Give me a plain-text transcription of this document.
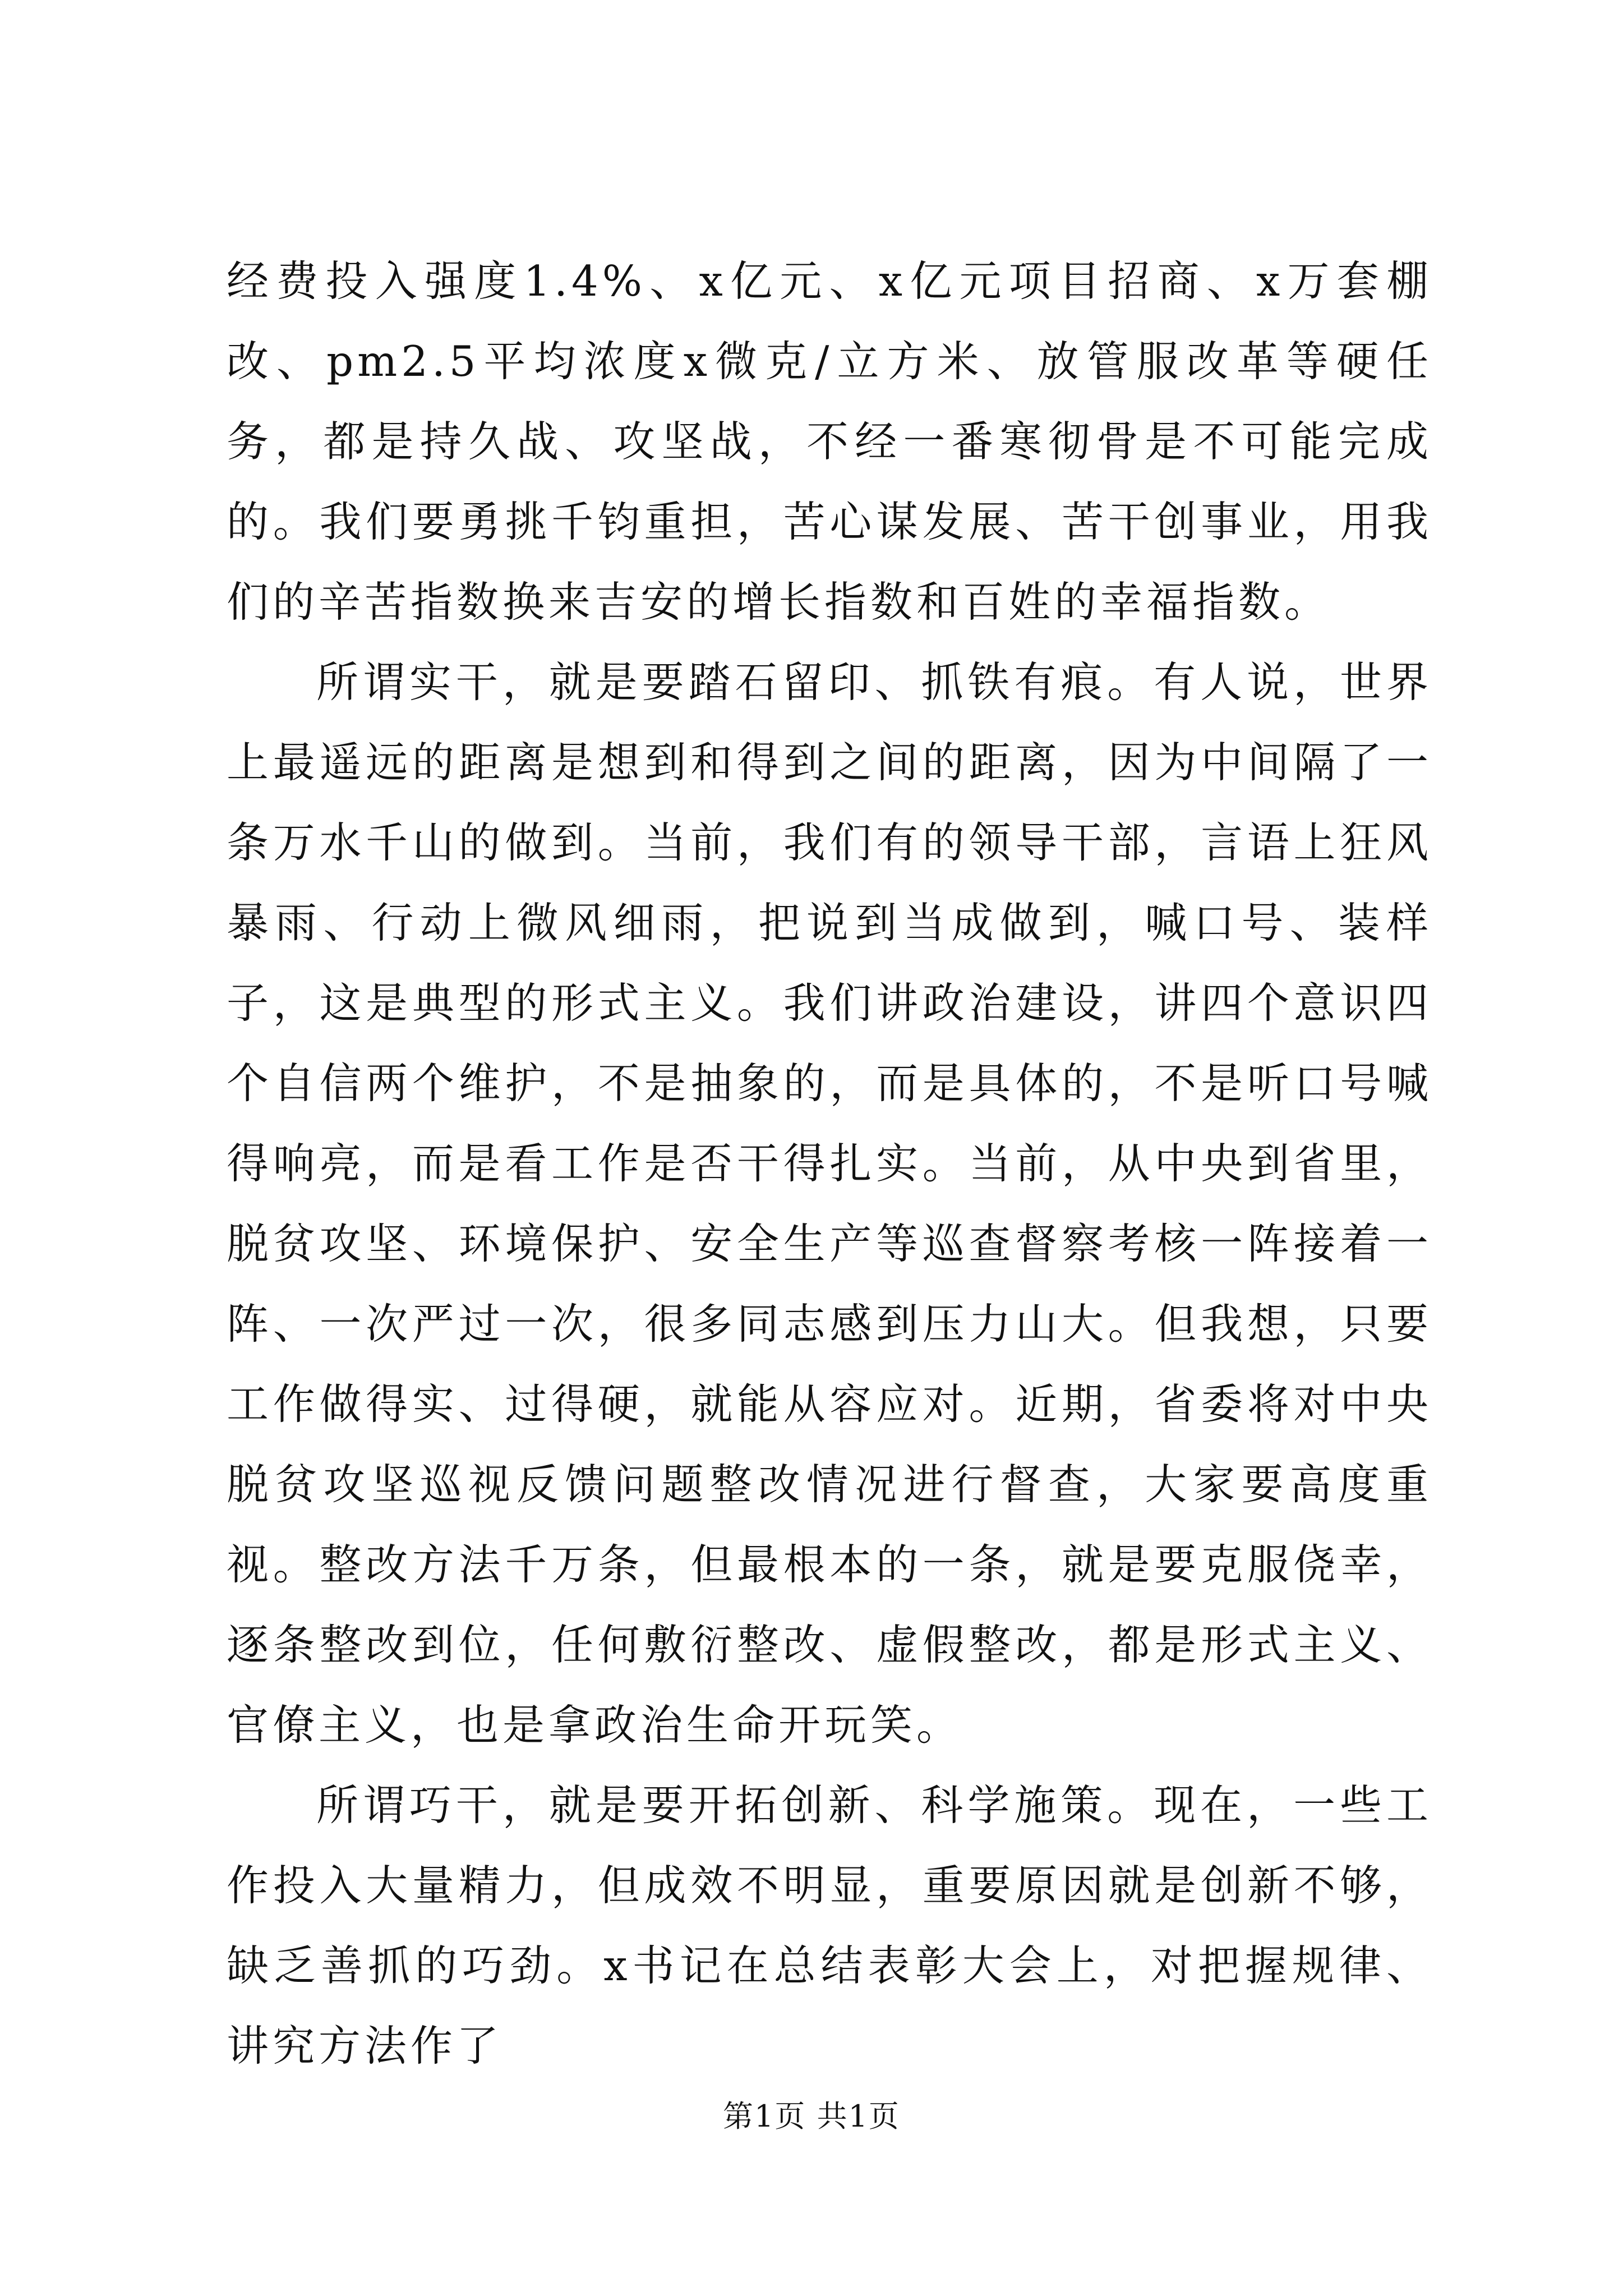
经费投入强度1.4%、x亿元、x亿元项目招商、x万套棚改、pm2.5平均浓度x微克/立方米、放管服改革等硬任务，都是持久战、攻坚战，不经一番寒彻骨是不可能完成的。我们要勇挑千钧重担，苦心谋发展、苦干创事业，用我们的辛苦指数换来吉安的增长指数和百姓的幸福指数。

所谓实干，就是要踏石留印、抓铁有痕。有人说，世界上最遥远的距离是想到和得到之间的距离，因为中间隔了一条万水千山的做到。当前，我们有的领导干部，言语上狂风暴雨、行动上微风细雨，把说到当成做到，喊口号、装样子，这是典型的形式主义。我们讲政治建设，讲四个意识四个自信两个维护，不是抽象的，而是具体的，不是听口号喊得响亮，而是看工作是否干得扎实。当前，从中央到省里，脱贫攻坚、环境保护、安全生产等巡查督察考核一阵接着一阵、一次严过一次，很多同志感到压力山大。但我想，只要工作做得实、过得硬，就能从容应对。近期，省委将对中央脱贫攻坚巡视反馈问题整改情况进行督查，大家要高度重视。整改方法千万条，但最根本的一条，就是要克服侥幸，逐条整改到位，任何敷衍整改、虚假整改，都是形式主义、官僚主义，也是拿政治生命开玩笑。

所谓巧干，就是要开拓创新、科学施策。现在，一些工作投入大量精力，但成效不明显，重要原因就是创新不够，缺乏善抓的巧劲。x书记在总结表彰大会上，对把握规律、讲究方法作了

第1页 共1页
